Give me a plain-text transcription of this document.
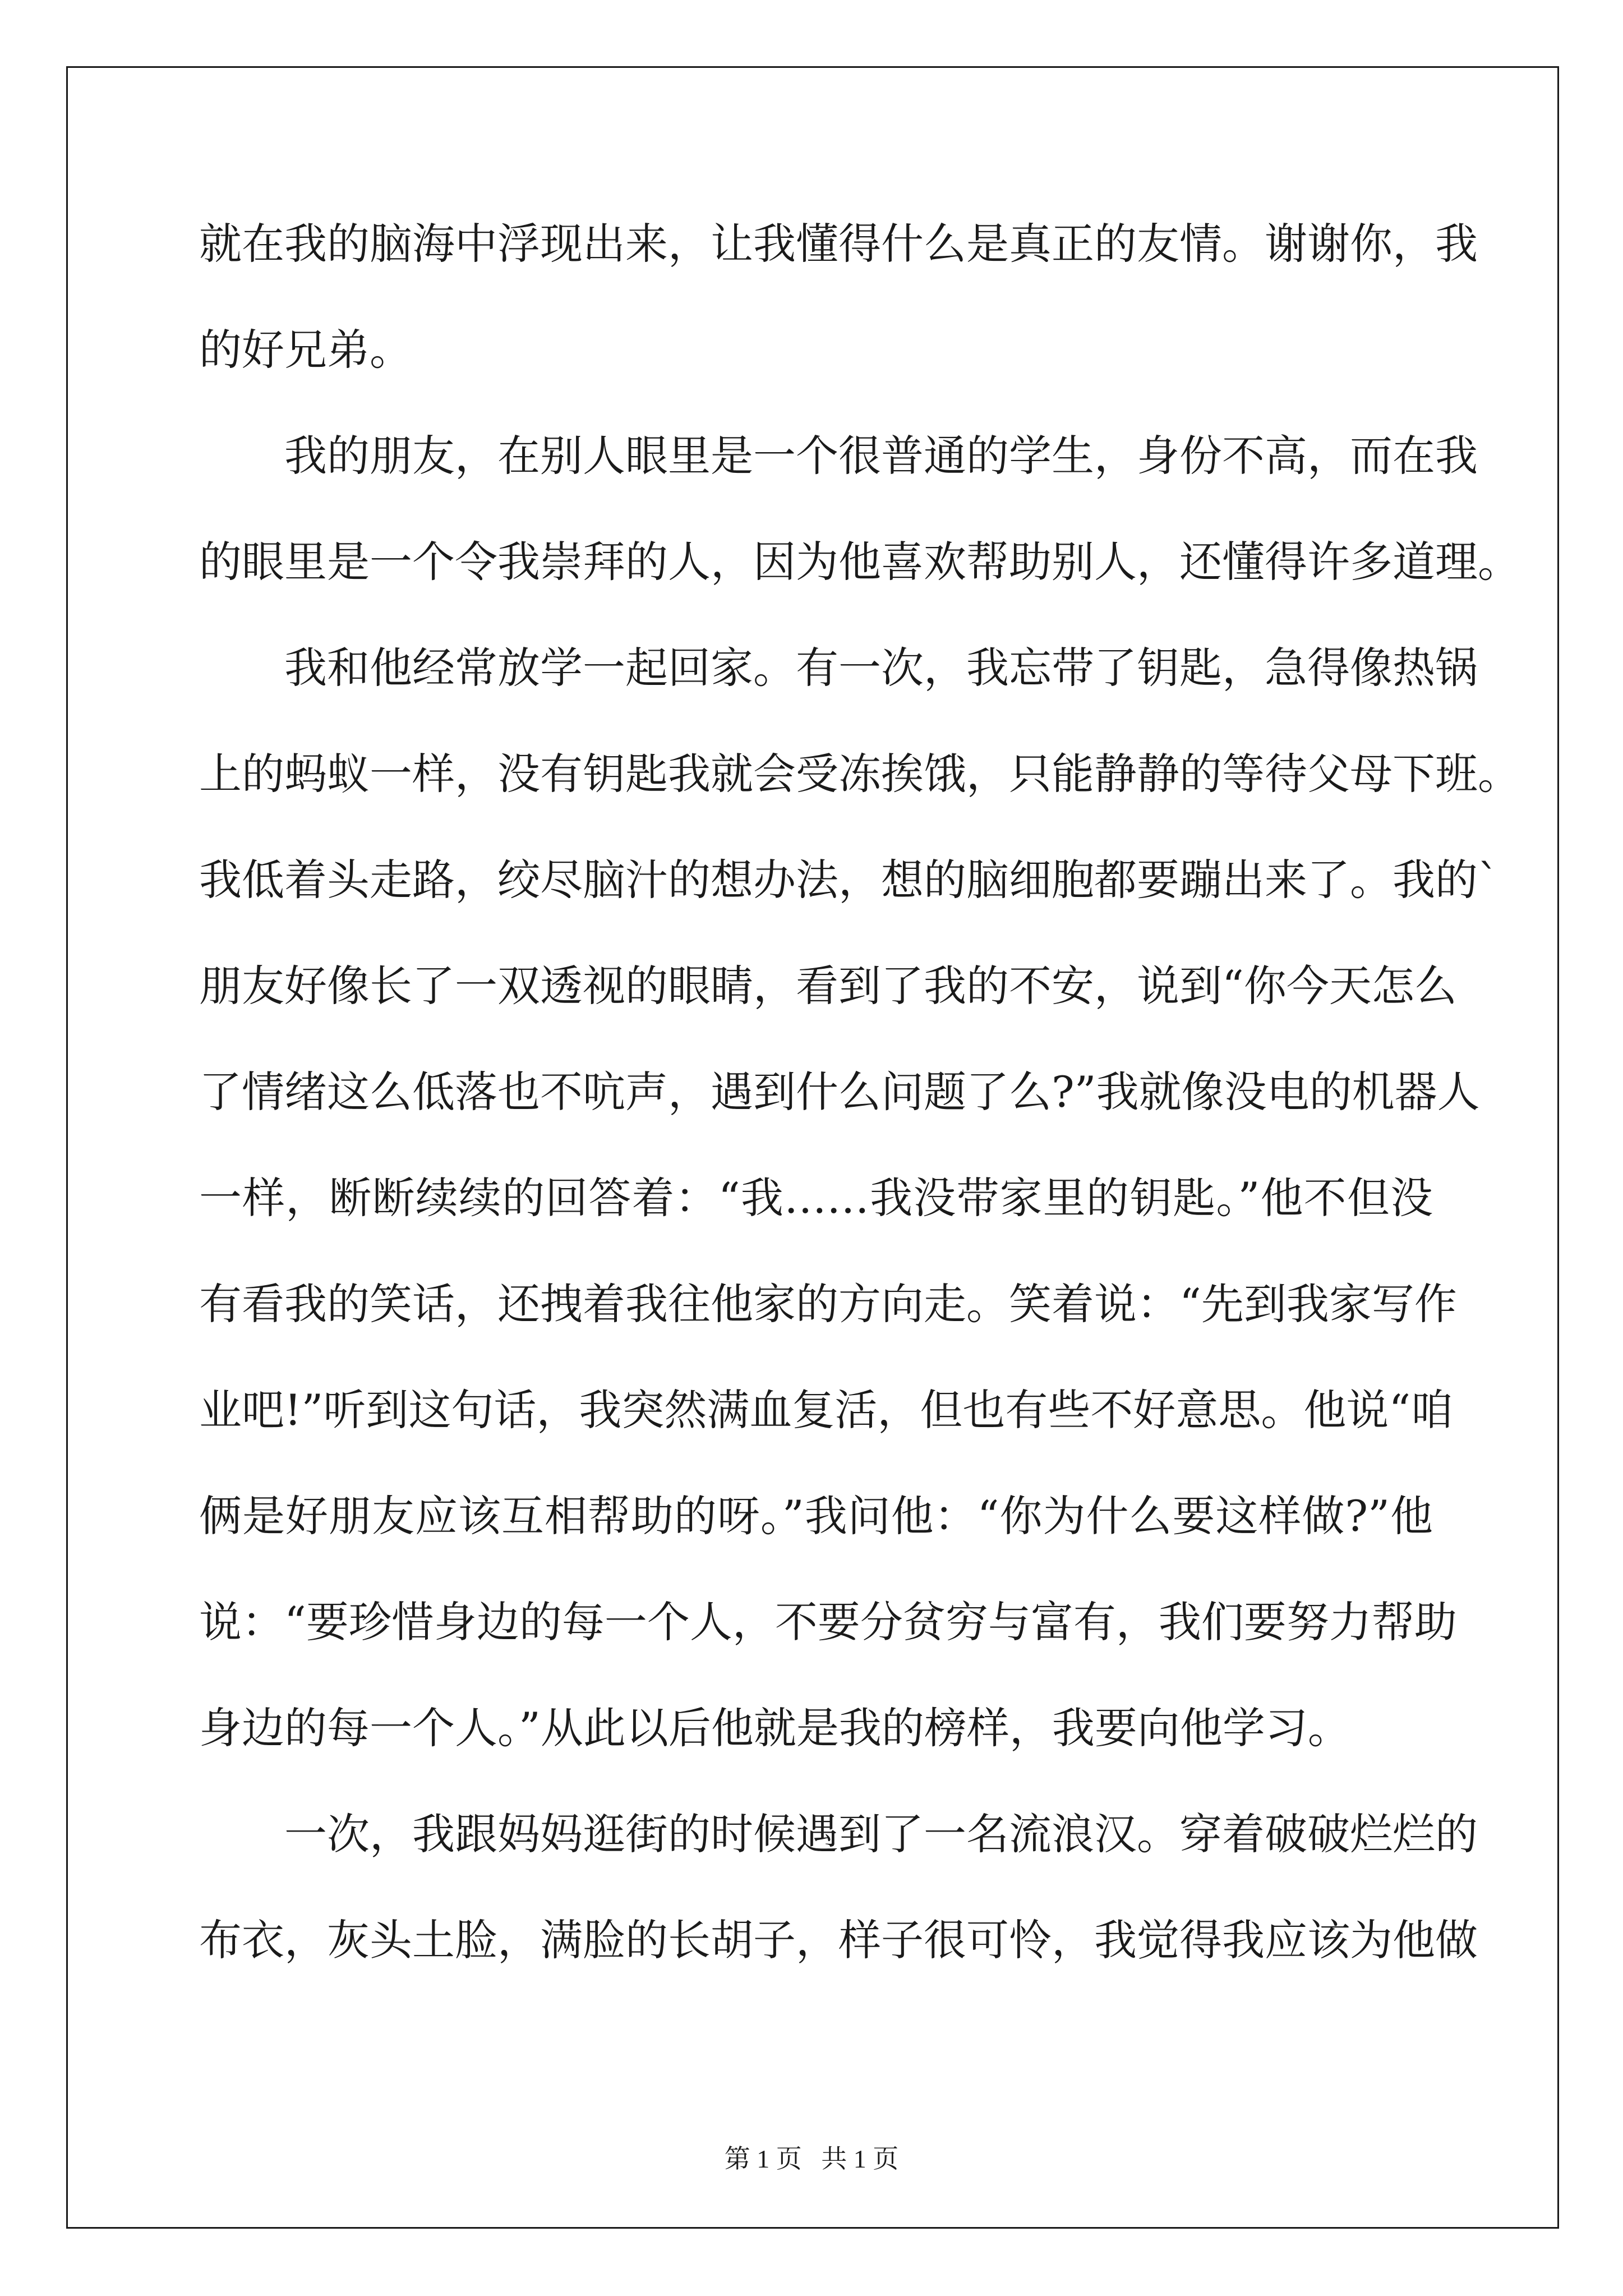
就在我的脑海中浮现出来，让我懂得什么是真正的友情。谢谢你，我
的好兄弟。
我的朋友，在别人眼里是一个很普通的学生，身份不高，而在我
的眼里是一个令我崇拜的人，因为他喜欢帮助别人，还懂得许多道理。
我和他经常放学一起回家。有一次，我忘带了钥匙，急得像热锅
上的蚂蚁一样，没有钥匙我就会受冻挨饿，只能静静的等待父母下班。
我低着头走路，绞尽脑汁的想办法，想的脑细胞都要蹦出来了。我的`
朋友好像长了一双透视的眼睛，看到了我的不安，说到“你今天怎么
了情绪这么低落也不吭声，遇到什么问题了么?”我就像没电的机器人
一样，断断续续的回答着：“我……我没带家里的钥匙。”他不但没
有看我的笑话，还拽着我往他家的方向走。笑着说：“先到我家写作
业吧!”听到这句话，我突然满血复活，但也有些不好意思。他说“咱
俩是好朋友应该互相帮助的呀。”我问他：“你为什么要这样做?”他
说：“要珍惜身边的每一个人，不要分贫穷与富有，我们要努力帮助
身边的每一个人。”从此以后他就是我的榜样，我要向他学习。
一次，我跟妈妈逛街的时候遇到了一名流浪汉。穿着破破烂烂的
布衣，灰头土脸，满脸的长胡子，样子很可怜，我觉得我应该为他做
第 1 页   共 1 页
